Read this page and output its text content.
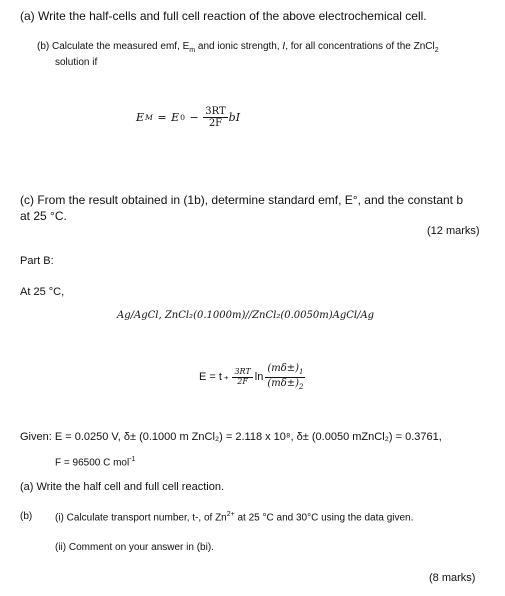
(a) Write the half-cells and full cell reaction of the above electrochemical cell.
(b) Calculate the measured emf, $E_m$ and ionic strength, I, for all concentrations of the ZnCl$_2$
solution if
E M = E $0 - \frac{3RT}{2F}$ bI
(c) From the result obtained in (1b), determine standard emf, E°, and the constant b
at 25 °C.
(12 marks)
Part B:
At 25 °C,
Ag/AgCl, ZnCl₂(0.1000m)//ZnCl₂(0.0050m)AgCl/Ag
$E = t + \frac{3RT}{2F}$ $\ln \frac{(m\delta\pm)_1}{(m\delta\pm)_2}$
Given: E = 0.0250 V, δ± (0.1000 m ZnCl₂) = 2.118 x 10⁸, δ± (0.0050 mZnCl₂) = 0.3761,
F = 96500 C mol$^{-1}$
(a) Write the half cell and full cell reaction.
(b) (i) Calculate transport number, t-, of $Zn^{2+}$ at 25 °C and 30°C using the data given.
(ii) Comment on your answer in (bi).
(8 marks)
